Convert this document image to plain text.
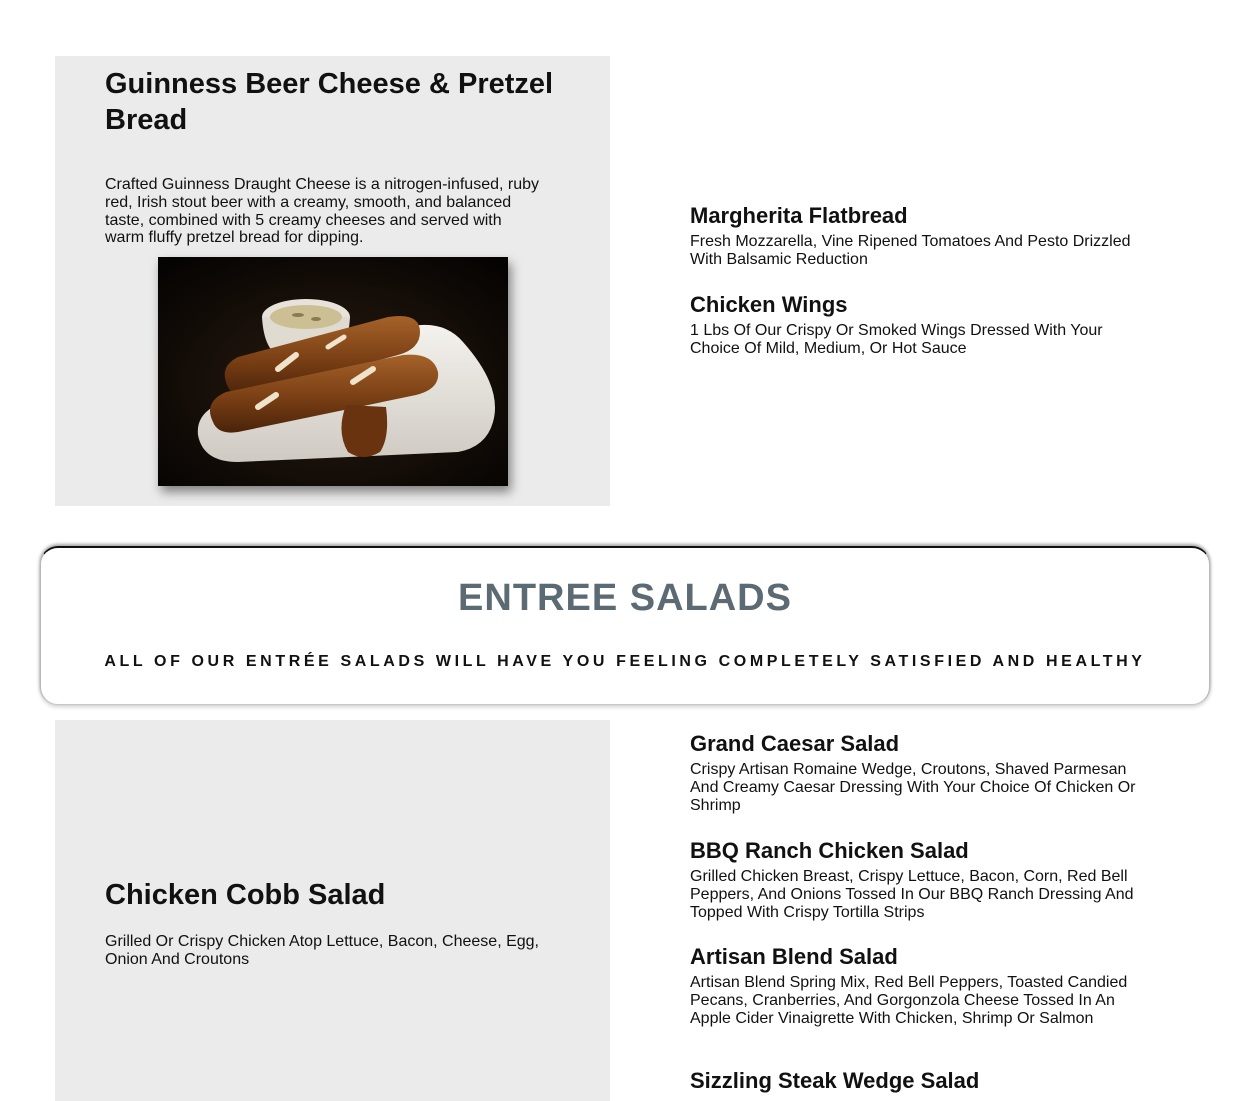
Guinness Beer Cheese & Pretzel Bread

Crafted Guinness Draught Cheese is a nitrogen-infused, ruby red, Irish stout beer with a creamy, smooth, and balanced taste, combined with 5 creamy cheeses and served with warm fluffy pretzel bread for dipping.

Margherita Flatbread

Fresh Mozzarella, Vine Ripened Tomatoes And Pesto Drizzled With Balsamic Reduction

Chicken Wings

1 Lbs Of Our Crispy Or Smoked Wings Dressed With Your Choice Of Mild, Medium, Or Hot Sauce

ENTREE SALADS

ALL OF OUR ENTRÉE SALADS WILL HAVE YOU FEELING COMPLETELY SATISFIED AND HEALTHY

Chicken Cobb Salad

Grilled Or Crispy Chicken Atop Lettuce, Bacon, Cheese, Egg, Onion And Croutons

Grand Caesar Salad

Crispy Artisan Romaine Wedge, Croutons, Shaved Parmesan And Creamy Caesar Dressing With Your Choice Of Chicken Or Shrimp

BBQ Ranch Chicken Salad

Grilled Chicken Breast, Crispy Lettuce, Bacon, Corn, Red Bell Peppers, And Onions Tossed In Our BBQ Ranch Dressing And Topped With Crispy Tortilla Strips

Artisan Blend Salad

Artisan Blend Spring Mix, Red Bell Peppers, Toasted Candied Pecans, Cranberries, And Gorgonzola Cheese Tossed In An Apple Cider Vinaigrette With Chicken, Shrimp Or Salmon

Sizzling Steak Wedge Salad
